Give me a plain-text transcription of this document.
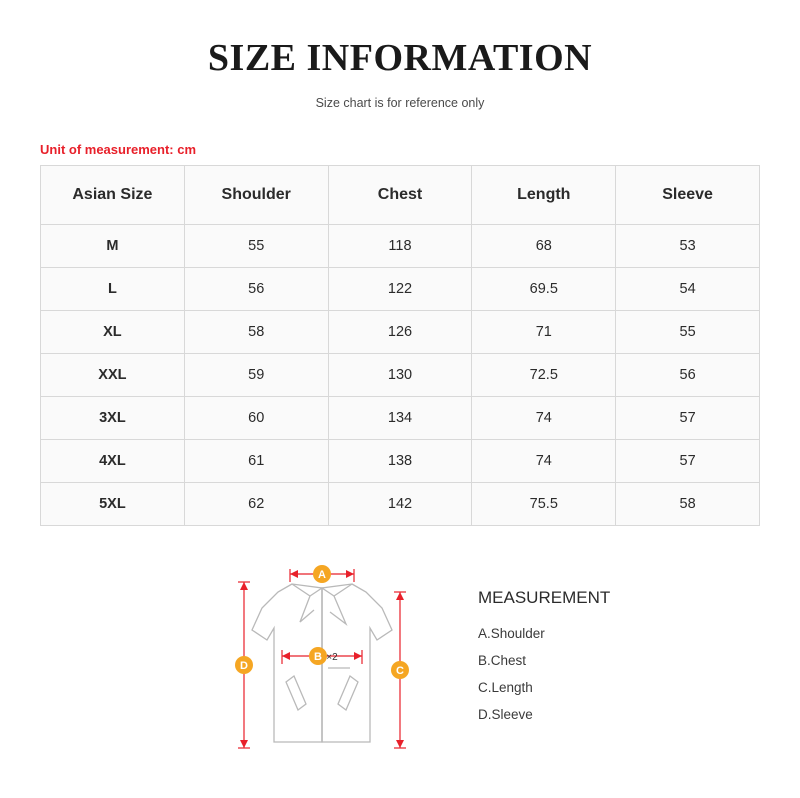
SIZE INFORMATION
Size chart is for reference only
Unit of measurement: cm
Asian Size	Shoulder	Chest	Length	Sleeve
M	55	118	68	53
L	56	122	69.5	54
XL	58	126	71	55
XXL	59	130	72.5	56
3XL	60	134	74	57
4XL	61	138	74	57
5XL	62	142	75.5	58
A
B ×2
C
D
MEASUREMENT
A.Shoulder
B.Chest
C.Length
D.Sleeve
